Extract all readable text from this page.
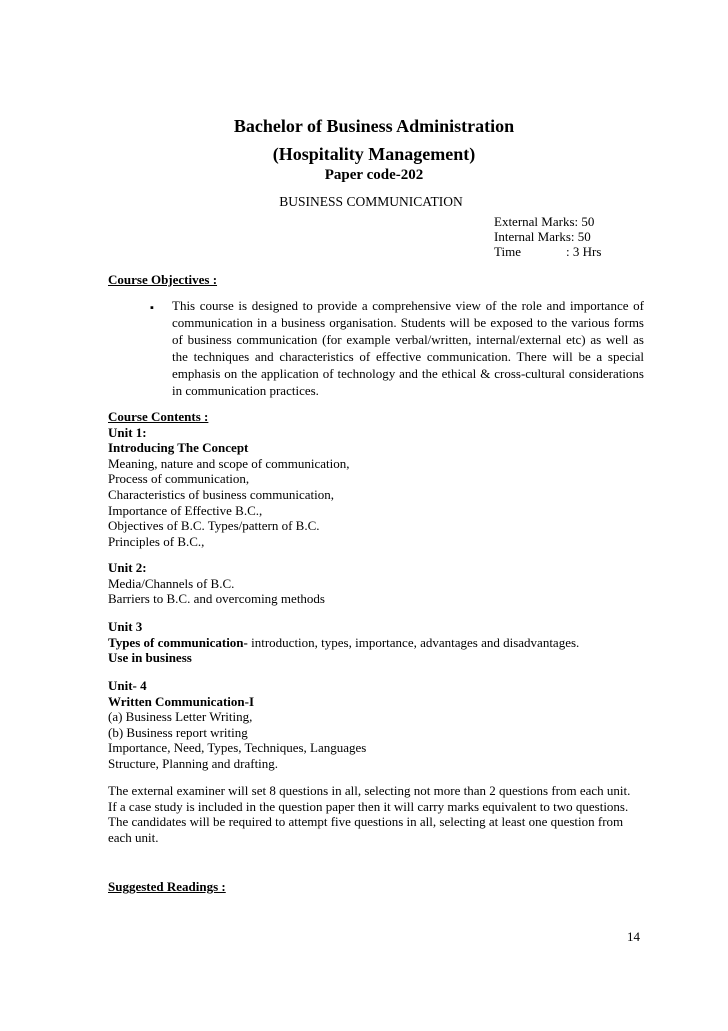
Bachelor of Business Administration
(Hospitality Management)
Paper code-202
BUSINESS COMMUNICATION
External Marks: 50
Internal Marks: 50
Time	: 3 Hrs
Course Objectives :
▪ This course is designed to provide a comprehensive view of the role and importance of communication in a business organisation. Students will be exposed to the various forms of business communication (for example verbal/written, internal/external etc) as well as the techniques and characteristics of effective communication. There will be a special emphasis on the application of technology and the ethical & cross-cultural considerations in communication practices.
Course Contents :
Unit 1:
Introducing The Concept
Meaning, nature and scope of communication,
Process of communication,
Characteristics of business communication,
Importance of Effective B.C.,
Objectives of B.C. Types/pattern of B.C.
Principles of B.C.,
Unit 2:
Media/Channels of B.C.
Barriers to B.C. and overcoming methods
Unit 3
Types of communication- introduction, types, importance, advantages and disadvantages.
Use in business
Unit- 4
Written Communication-I
(a) Business Letter Writing,
(b) Business report writing
Importance, Need, Types, Techniques, Languages
Structure, Planning and drafting.
The external examiner will set 8 questions in all, selecting not more than 2 questions from each unit.
If a case study is included in the question paper then it will carry marks equivalent to two questions.
The candidates will be required to attempt five questions in all, selecting at least one question from
each unit.
Suggested Readings :
14
